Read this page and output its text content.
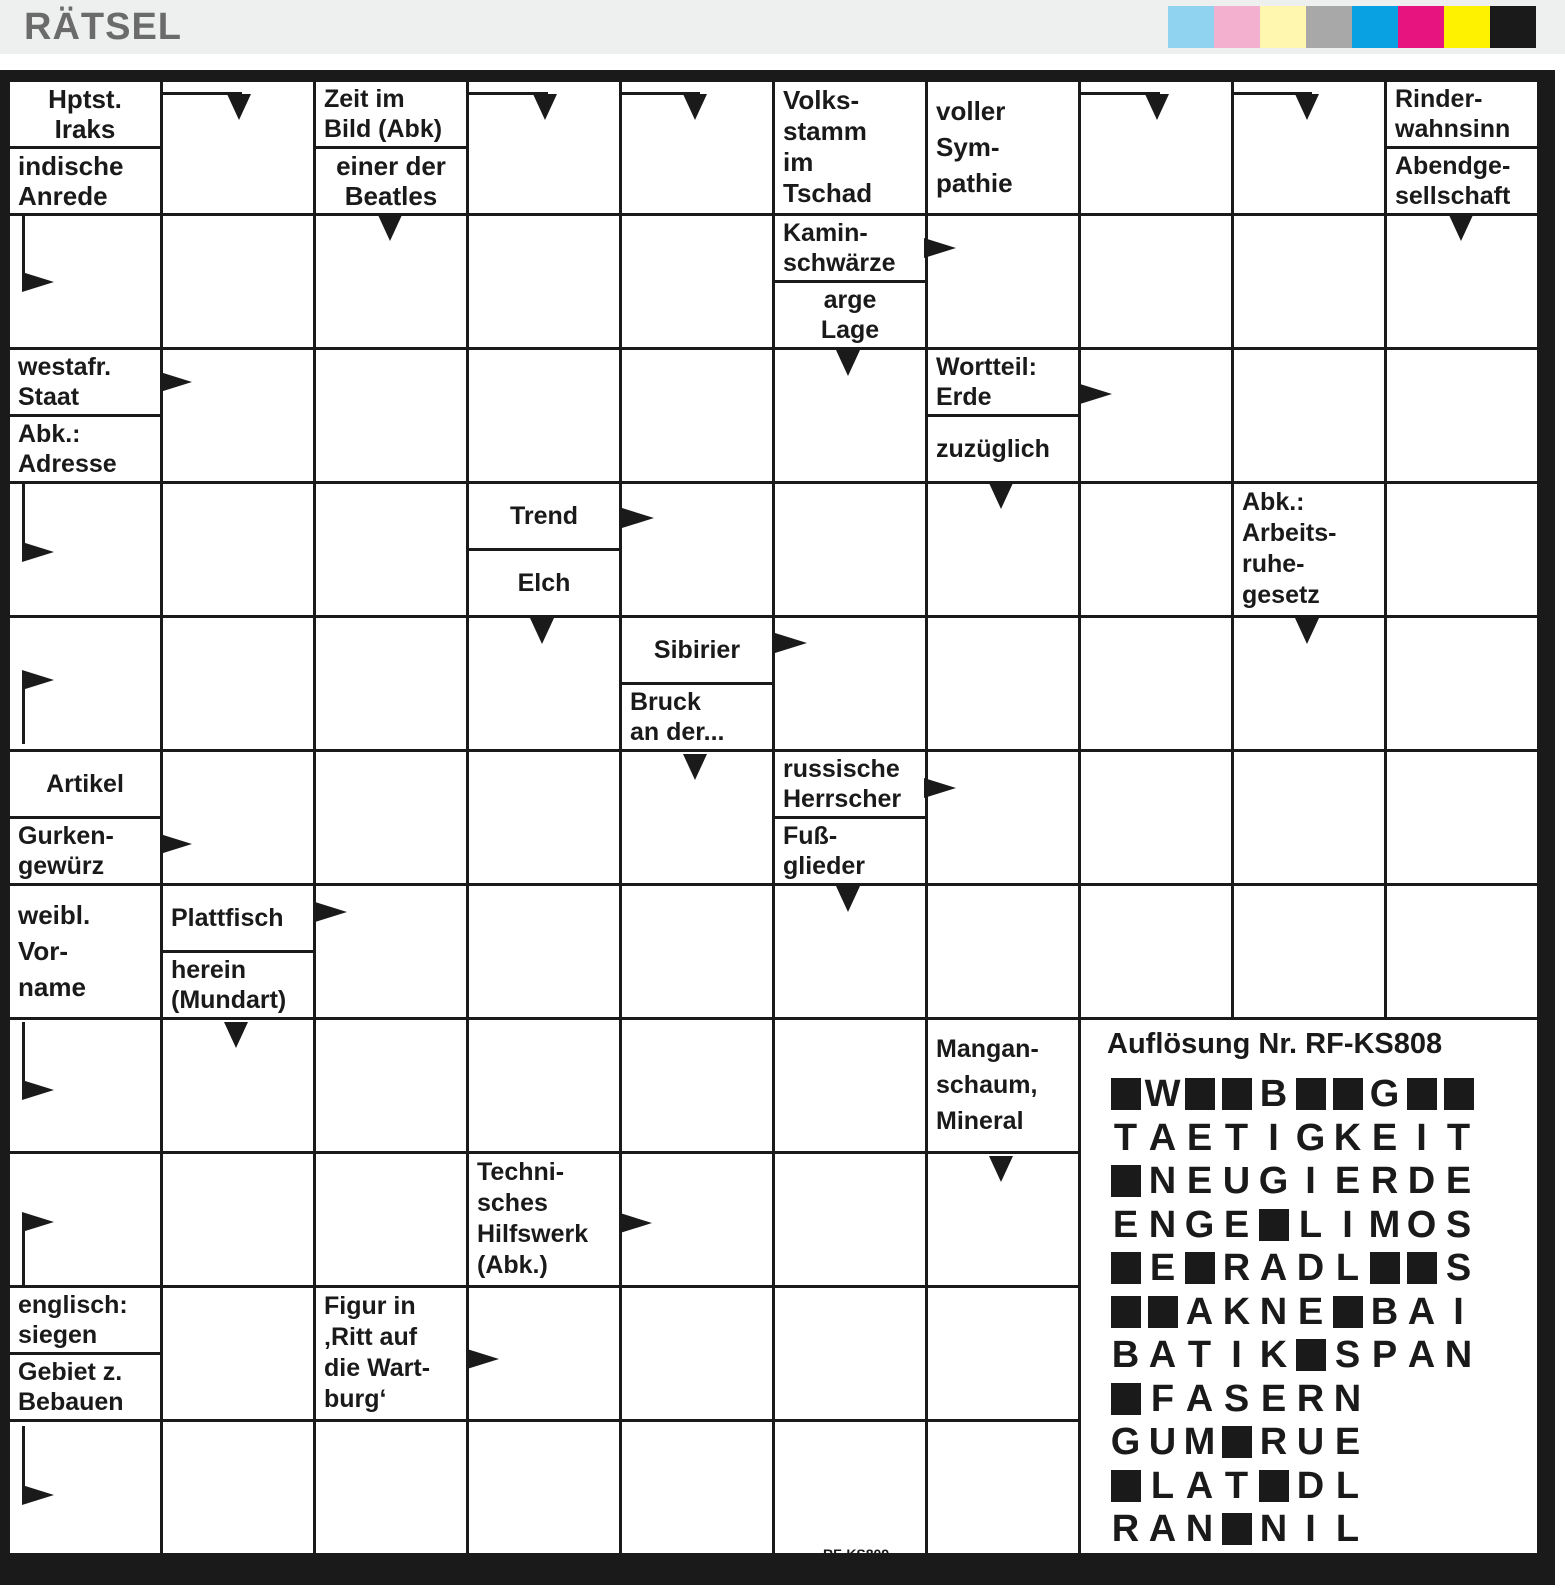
RÄTSEL
Hptst.
Iraks
indische
Anrede
Zeit im
Bild (Abk)
einer der
Beatles
Volks-
stamm
im
Tschad
voller
Sym-
pathie
Rinder-
wahnsinn
Abendge-
sellschaft
Kamin-
schwärze
arge
Lage
westafr.
Staat
Abk.:
Adresse
Wortteil:
Erde
zuzüglich
Trend
Elch
Abk.:
Arbeits-
ruhe-
gesetz
Sibirier
Bruck
an der...
Artikel
Gurken-
gewürz
russische
Herrscher
Fuß-
glieder
weibl.
Vor-
name
Plattfisch
herein
(Mundart)
Mangan-
schaum,
Mineral
Techni-
sches
Hilfswerk
(Abk.)
englisch:
siegen
Gebiet z.
Bebauen
Figur in
‚Ritt auf
die Wart-
burg‘
Auflösung Nr. RF-KS808
W B G
T A E T I G K E I T
N E U G I E R D E
E N G E L I M O S
E R A D L S
A K N E B A I
B A T I K S P A N
F A S E R N
G U M R U E
L A T D L
R A N N I L
RF-KS809
